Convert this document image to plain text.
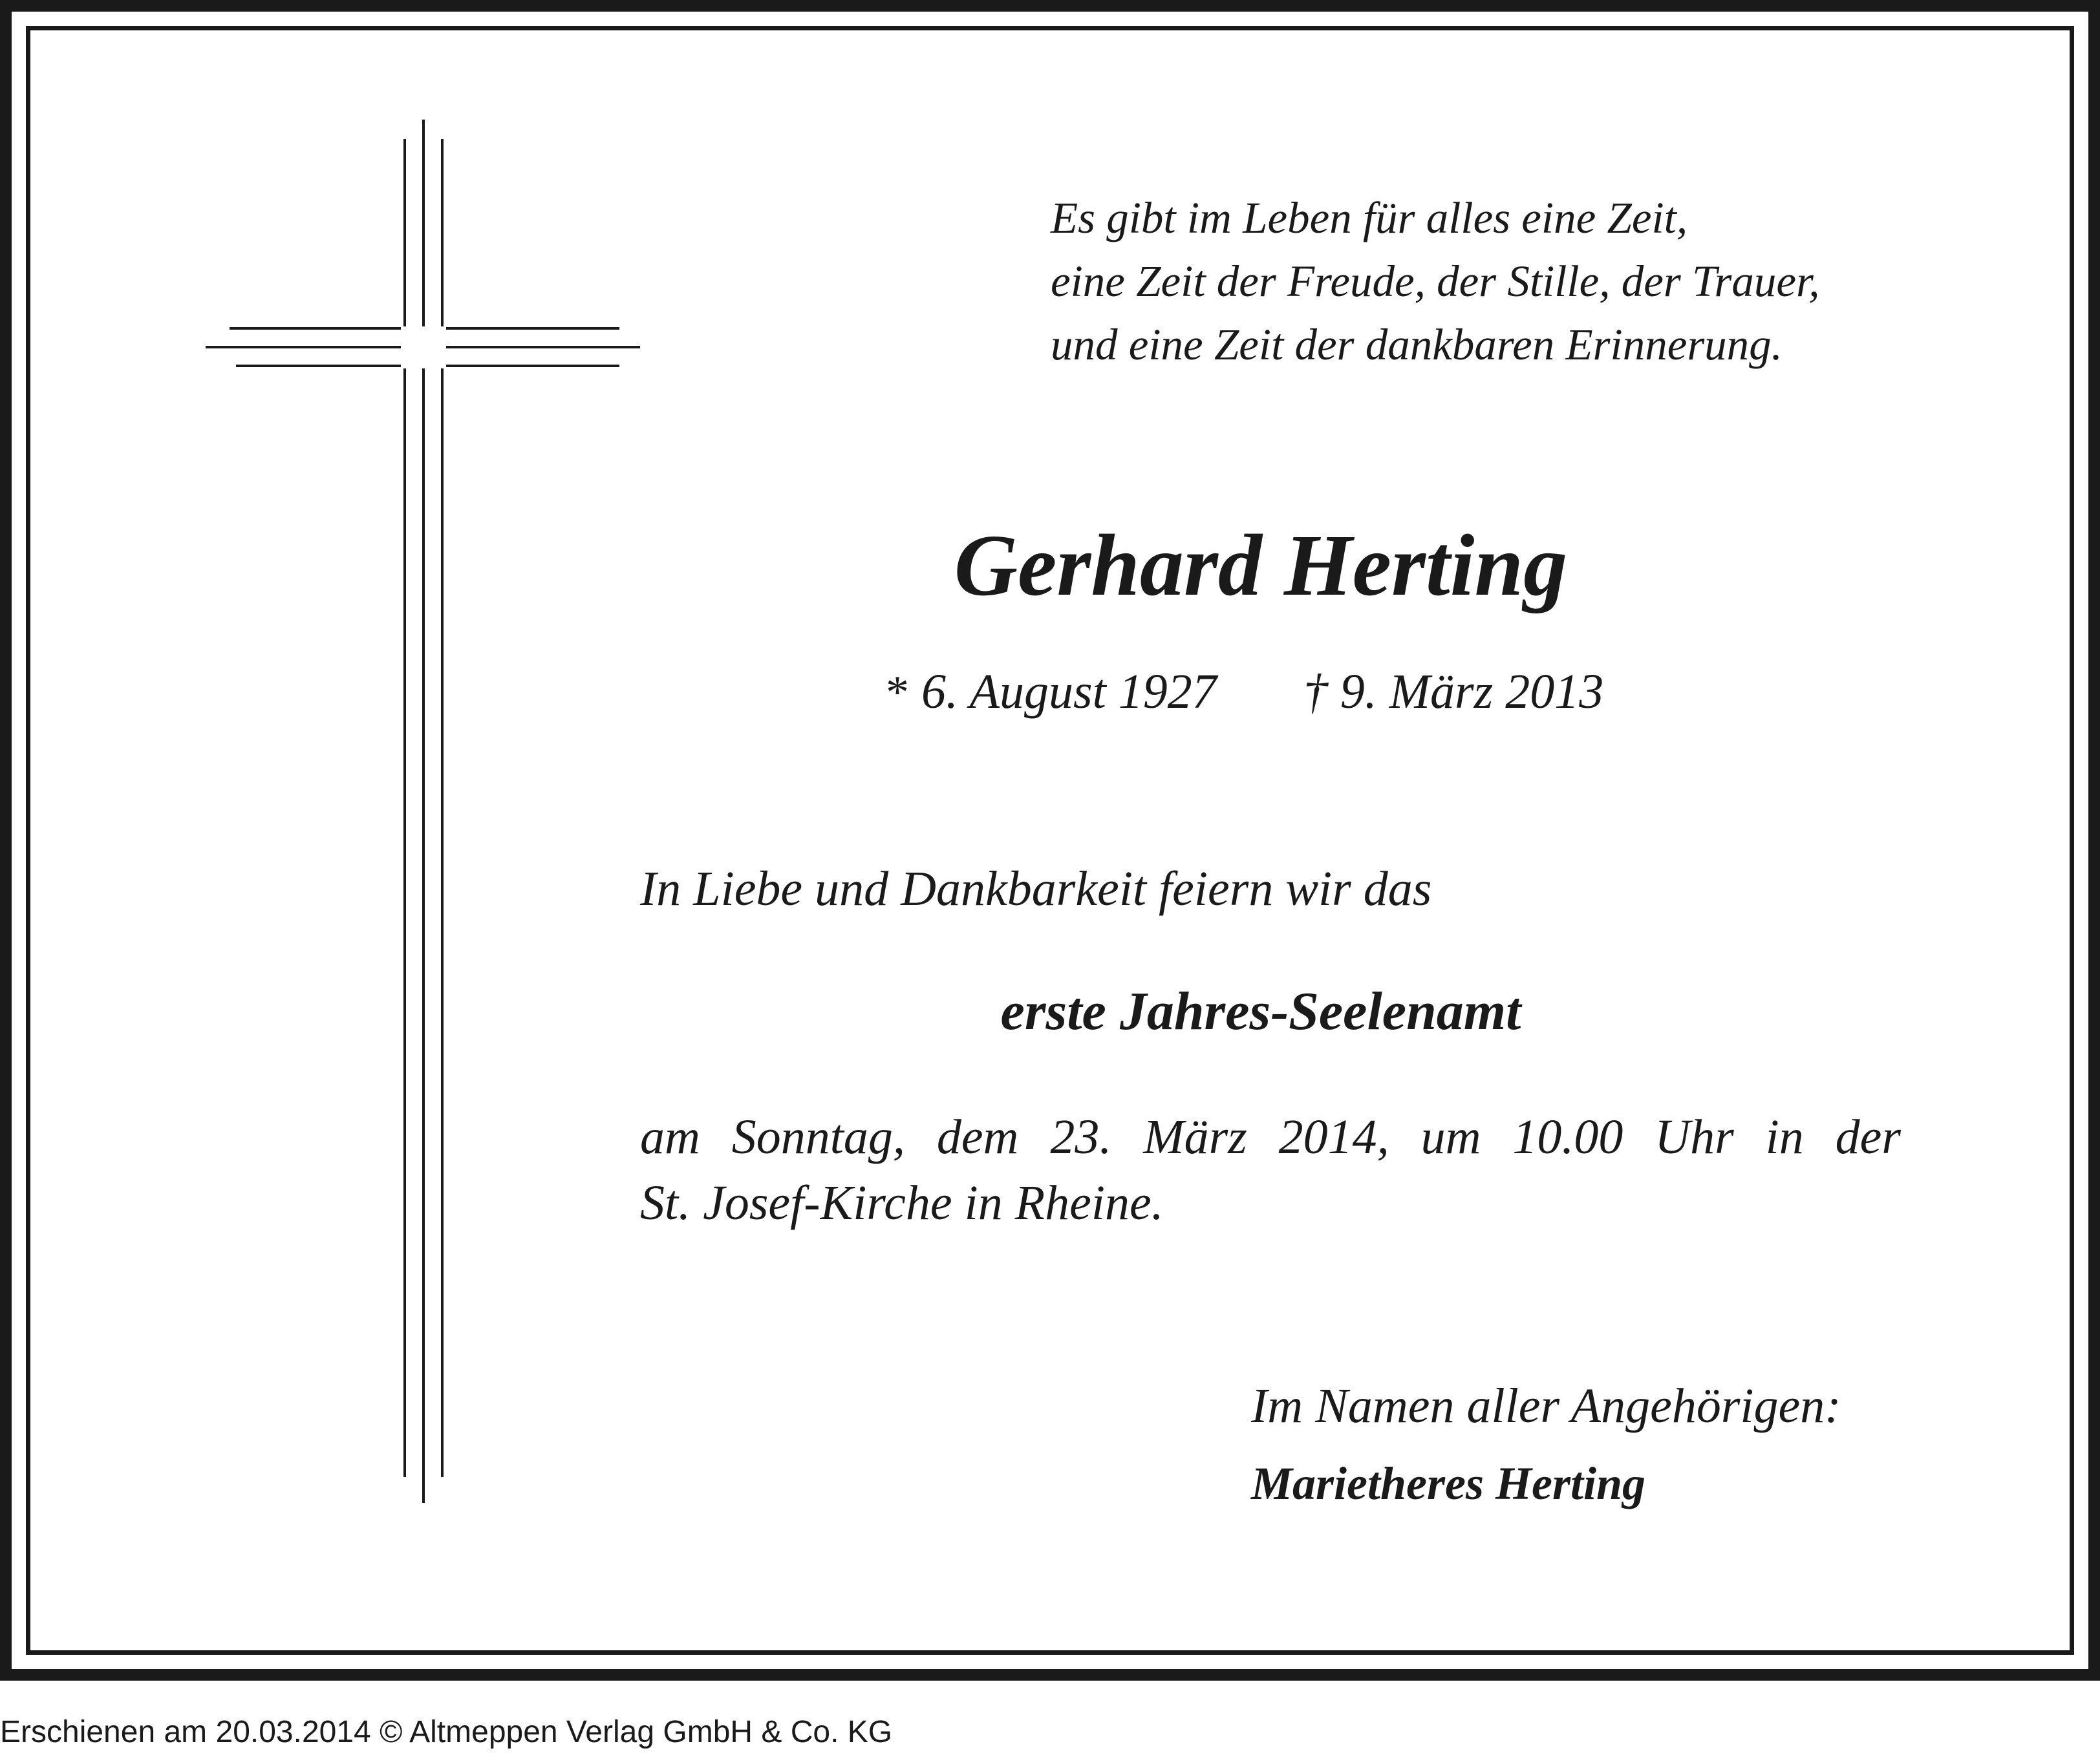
Es gibt im Leben für alles eine Zeit,
eine Zeit der Freude, der Stille, der Trauer,
und eine Zeit der dankbaren Erinnerung.
Gerhard Herting
* 6. August 1927 † 9. März 2013
In Liebe und Dankbarkeit feiern wir das
erste Jahres-Seelenamt
am Sonntag, dem 23. März 2014, um 10.00 Uhr in der
St. Josef-Kirche in Rheine.
Im Namen aller Angehörigen:
Marietheres Herting
Erschienen am 20.03.2014 © Altmeppen Verlag GmbH & Co. KG
